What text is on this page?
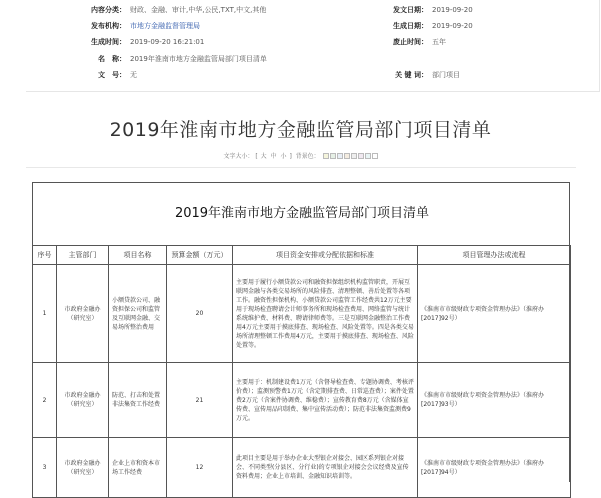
内容分类： 财政、金融、审计,中华,公民,TXT,中文,其他
发布机构： 市地方金融监督管理局
生成时间： 2019-09-20 16:21:01
名　称： 2019年淮南市地方金融监管局部门项目清单
文　号： 无
发文日期： 2019-09-20
生成日期： 2019-09-20
废止时间： 五年
关 键 词： 部门项目
2019年淮南市地方金融监管局部门项目清单
文字大小： [ 大 中 小 ] 背景色：
2019年淮南市地方金融监管局部门项目清单
序号	主管部门	项目名称	预算金额（万元）	项目资金安排或分配依据和标准	项目管理办法或流程
1	市政府金融办（研究室）	小额贷款公司、融资担保公司和监管及互联网金融、交易场所整治费用	20	主要用于履行小额贷款公司和融资担保组织机构监管职责，开展互联网金融与各类交易场所的风险排查、清理整顿、善后处置等各项工作。融资性担保机构、小额贷款公司监管工作经费共12万元主要用于现场检查聘请会计师事务所和现场检查费用、网络监管与统计系统维护费、材料费、聘请律师费等。三是互联网金融整治工作费用4万元主要用于摸底排查、现场检查、风险处置等。四是各类交易场所清理整顿工作费用4万元，主要用于摸底排查、现场检查、风险处置等。	《淮南市市级财政专项资金管理办法》（淮府办[2017]92号）
2	市政府金融办（研究室）	防范、打击和处置非法集资工作经费	21	主要用于：机制建设费1万元（含督导检查费、专题协调费、考核评价费）；监测预警费1万元（含定期排查费、日常巡查费）；案件处置费2万元（含案件协调费、维稳费）；宣传教育费8万元（含媒体宣传费、宣传用品印制费、集中宣传活动费）；防范非法集资监测费9万元。	《淮南市市级财政专项资金管理办法》（淮府办[2017]93号）
3	市政府金融办（研究室）	企业上市和资本市场工作经费	12	此项目主要是用于举办企业大型银企对接会、园区系列银企对接会、不同类型(分县区、分行业)的专项银企对接会会议经费及宣传资料费用；企业上市培训、金融知识培训等。	《淮南市市级财政专项资金管理办法》（淮府办[2017]94号）
